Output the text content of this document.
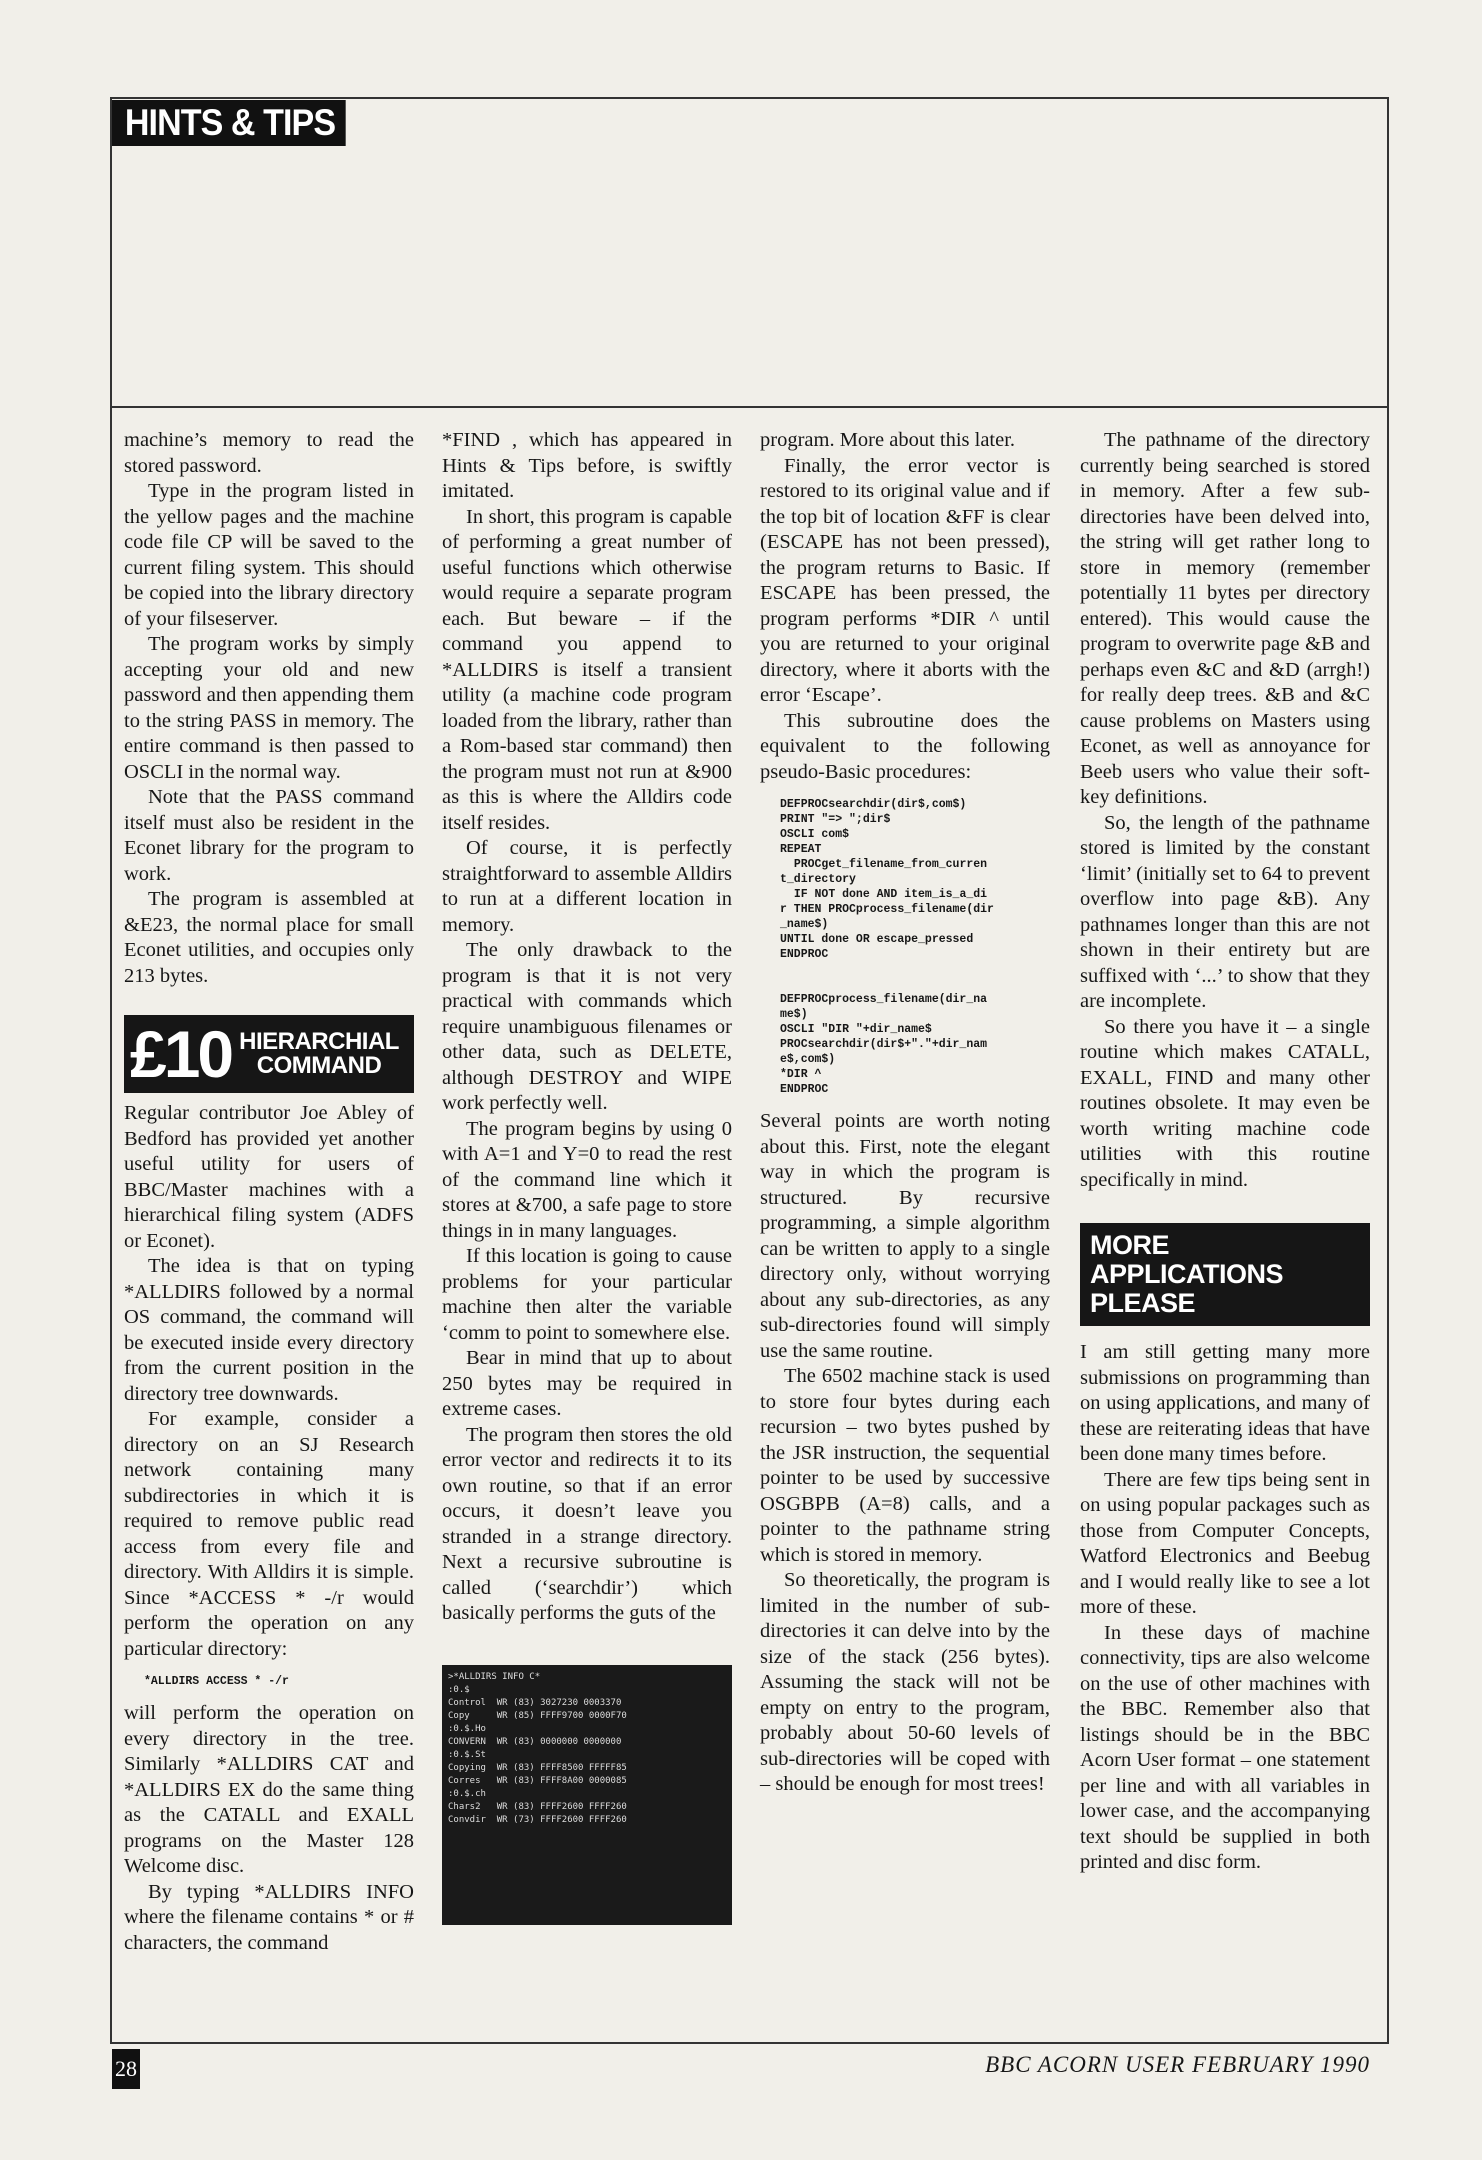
HINTS & TIPS

machine’s memory to read the stored password.

Type in the program listed in the yellow pages and the machine code file CP will be saved to the current filing system. This should be copied into the library directory of your filseserver.

The program works by simply accepting your old and new password and then appending them to the string PASS in memory. The entire command is then passed to OSCLI in the normal way.

Note that the PASS command itself must also be resident in the Econet library for the program to work.

The program is assembled at &E23, the normal place for small Econet utilities, and occupies only 213 bytes.

£10 HIERARCHIAL
COMMAND

Regular contributor Joe Abley of Bedford has provided yet another useful utility for users of BBC/Master machines with a hierarchical filing system (ADFS or Econet).

The idea is that on typing *ALLDIRS followed by a normal OS command, the command will be executed inside every directory from the current position in the directory tree downwards.

For example, consider a directory on an SJ Research network containing many subdirectories in which it is required to remove public read access from every file and directory. With Alldirs it is simple. Since *ACCESS * -/r would perform the operation on any particular directory:

*ALLDIRS ACCESS * -/r

will perform the operation on every directory in the tree. Similarly *ALLDIRS CAT and *ALLDIRS EX do the same thing as the CATALL and EXALL programs on the Master 128 Welcome disc.

By typing *ALLDIRS INFO where the filename contains * or # characters, the command

*FIND , which has appeared in Hints & Tips before, is swiftly imitated.

In short, this program is capable of performing a great number of useful functions which otherwise would require a separate program each. But beware – if the command you append to *ALLDIRS is itself a transient utility (a machine code program loaded from the library, rather than a Rom-based star command) then the program must not run at &900 as this is where the Alldirs code itself resides.

Of course, it is perfectly straightforward to assemble Alldirs to run at a different location in memory.

The only drawback to the program is that it is not very practical with commands which require unambiguous filenames or other data, such as DELETE, although DESTROY and WIPE work perfectly well.

The program begins by using 0 with A=1 and Y=0 to read the rest of the command line which it stores at &700, a safe page to store things in in many languages.

If this location is going to cause problems for your particular machine then alter the variable ‘comm to point to somewhere else.

Bear in mind that up to about 250 bytes may be required in extreme cases.

The program then stores the old error vector and redirects it to its own routine, so that if an error occurs, it doesn’t leave you stranded in a strange directory. Next a recursive subroutine is called (‘searchdir’) which basically performs the guts of the

>*ALLDIRS INFO C*
:0.$
Control  WR (83) 3027230 0003370
Copy     WR (85) FFFF9700 0000F70
:0.$.Ho
CONVERN  WR (83) 0000000 0000000
:0.$.St
Copying  WR (83) FFFF8500 FFFFF85
Corres   WR (83) FFFF8A00 0000085
:0.$.ch
Chars2   WR (83) FFFF2600 FFFF260
Convdir  WR (73) FFFF2600 FFFF260

program. More about this later.

Finally, the error vector is restored to its original value and if the top bit of location &FF is clear (ESCAPE has not been pressed), the program returns to Basic. If ESCAPE has been pressed, the program performs *DIR ^ until you are returned to your original directory, where it aborts with the error ‘Escape’.

This subroutine does the equivalent to the following pseudo-Basic procedures:

DEFPROCsearchdir(dir$,com$)
PRINT "=> ";dir$
OSCLI com$
REPEAT
PROCget_filename_from_curren
t_directory
IF NOT done AND item_is_a_di
r THEN PROCprocess_filename(dir
_name$)
UNTIL done OR escape_pressed
ENDPROC
DEFPROCprocess_filename(dir_na
me$)
OSCLI "DIR "+dir_name$
PROCsearchdir(dir$+"."+dir_nam
e$,com$)
*DIR ^
ENDPROC

Several points are worth noting about this. First, note the elegant way in which the program is structured. By recursive programming, a simple algorithm can be written to apply to a single directory only, without worrying about any sub-directories, as any sub-directories found will simply use the same routine.

The 6502 machine stack is used to store four bytes during each recursion – two bytes pushed by the JSR instruction, the sequential pointer to be used by successive OSGBPB (A=8) calls, and a pointer to the pathname string which is stored in memory.

So theoretically, the program is limited in the number of sub-directories it can delve into by the size of the stack (256 bytes). Assuming the stack will not be empty on entry to the program, probably about 50-60 levels of sub-directories will be coped with – should be enough for most trees!

The pathname of the directory currently being searched is stored in memory. After a few sub-directories have been delved into, the string will get rather long to store in memory (remember potentially 11 bytes per directory entered). This would cause the program to overwrite page &B and perhaps even &C and &D (arrgh!) for really deep trees. &B and &C cause problems on Masters using Econet, as well as annoyance for Beeb users who value their soft-key definitions.

So, the length of the pathname stored is limited by the constant ‘limit’ (initially set to 64 to prevent overflow into page &B). Any pathnames longer than this are not shown in their entirety but are suffixed with ‘...’ to show that they are incomplete.

So there you have it – a single routine which makes CATALL, EXALL, FIND and many other routines obsolete. It may even be worth writing machine code utilities with this routine specifically in mind.

MORE APPLICATIONS PLEASE

I am still getting many more submissions on programming than on using applications, and many of these are reiterating ideas that have been done many times before.

There are few tips being sent in on using popular packages such as those from Computer Concepts, Watford Electronics and Beebug and I would really like to see a lot more of these.

In these days of machine connectivity, tips are also welcome on the use of other machines with the BBC. Remember also that listings should be in the BBC Acorn User format – one statement per line and with all variables in lower case, and the accompanying text should be supplied in both printed and disc form.

28	BBC ACORN USER FEBRUARY 1990
